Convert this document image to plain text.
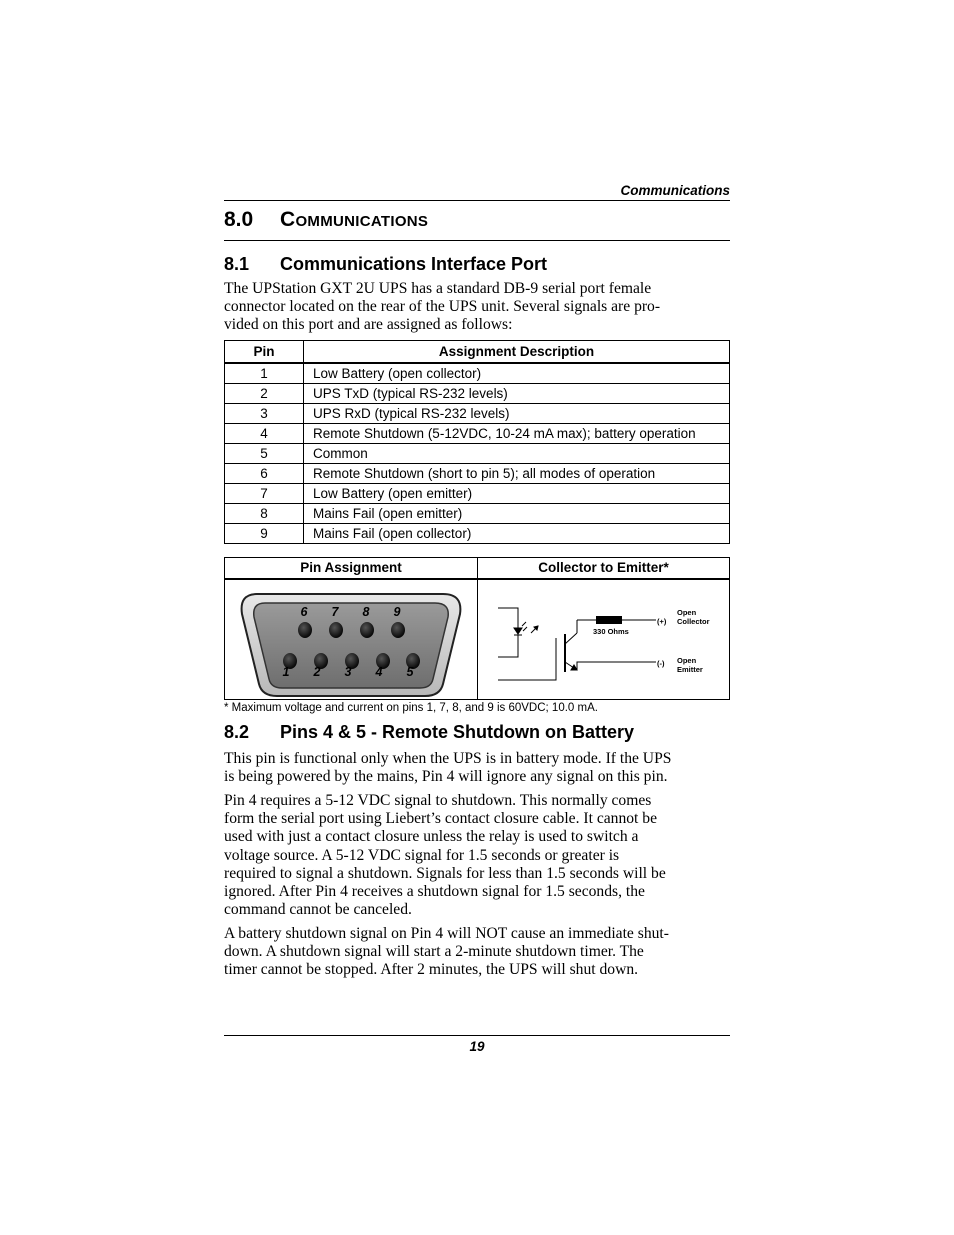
Communications
8.0 Communications
8.1 Communications Interface Port
The UPStation GXT 2U UPS has a standard DB-9 serial port female
connector located on the rear of the UPS unit. Several signals are pro-
vided on this port and are assigned as follows:
Pin	Assignment Description
1	Low Battery (open collector)
2	UPS TxD (typical RS-232 levels)
3	UPS RxD (typical RS-232 levels)
4	Remote Shutdown (5-12VDC, 10-24 mA max); battery operation
5	Common
6	Remote Shutdown (short to pin 5); all modes of operation
7	Low Battery (open emitter)
8	Mains Fail (open emitter)
9	Mains Fail (open collector)
Pin Assignment	Collector to Emitter*
6 7 8 9
1 2 3 4 5
330 Ohms
(+)
(-)
Open
Collector
Open
Emitter
* Maximum voltage and current on pins 1, 7, 8, and 9 is 60VDC; 10.0 mA.
8.2 Pins 4 & 5 - Remote Shutdown on Battery
This pin is functional only when the UPS is in battery mode. If the UPS
is being powered by the mains, Pin 4 will ignore any signal on this pin.
Pin 4 requires a 5-12 VDC signal to shutdown. This normally comes
form the serial port using Liebert’s contact closure cable. It cannot be
used with just a contact closure unless the relay is used to switch a
voltage source. A 5-12 VDC signal for 1.5 seconds or greater is
required to signal a shutdown. Signals for less than 1.5 seconds will be
ignored. After Pin 4 receives a shutdown signal for 1.5 seconds, the
command cannot be canceled.
A battery shutdown signal on Pin 4 will NOT cause an immediate shut-
down. A shutdown signal will start a 2-minute shutdown timer. The
timer cannot be stopped. After 2 minutes, the UPS will shut down.
19
